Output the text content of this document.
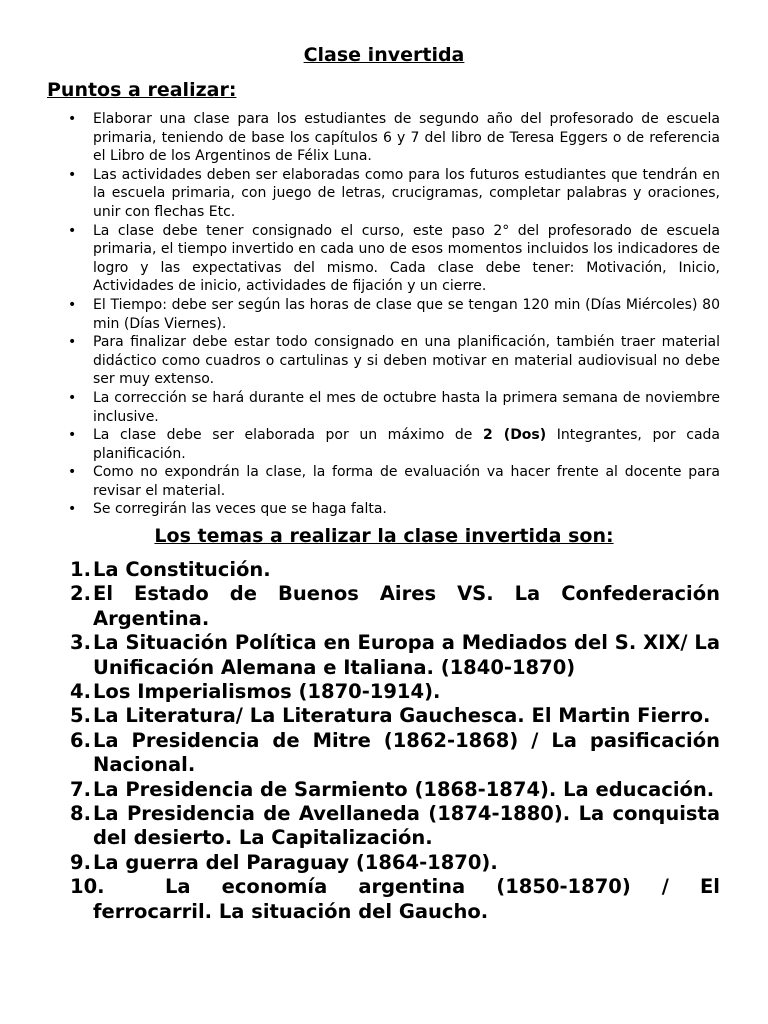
Clase invertida
Puntos a realizar:
• Elaborar una clase para los estudiantes de segundo año del profesorado de escuela primaria, teniendo de base los capítulos 6 y 7 del libro de Teresa Eggers o de referencia el Libro de los Argentinos de Félix Luna.
• Las actividades deben ser elaboradas como para los futuros estudiantes que tendrán en la escuela primaria, con juego de letras, crucigramas, completar palabras y oraciones, unir con flechas Etc.
• La clase debe tener consignado el curso, este paso 2° del profesorado de escuela primaria, el tiempo invertido en cada uno de esos momentos incluidos los indicadores de logro y las expectativas del mismo. Cada clase debe tener: Motivación, Inicio, Actividades de inicio, actividades de fijación y un cierre.
• El Tiempo: debe ser según las horas de clase que se tengan 120 min (Días Miércoles) 80 min (Días Viernes).
• Para finalizar debe estar todo consignado en una planificación, también traer material didáctico como cuadros o cartulinas y si deben motivar en material audiovisual no debe ser muy extenso.
• La corrección se hará durante el mes de octubre hasta la primera semana de noviembre inclusive.
• La clase debe ser elaborada por un máximo de 2 (Dos) Integrantes, por cada planificación.
• Como no expondrán la clase, la forma de evaluación va hacer frente al docente para revisar el material.
• Se corregirán las veces que se haga falta.
Los temas a realizar la clase invertida son:
1. La Constitución.
2. El Estado de Buenos Aires VS. La Confederación Argentina.
3. La Situación Política en Europa a Mediados del S. XIX/ La Unificación Alemana e Italiana. (1840-1870)
4. Los Imperialismos (1870-1914).
5. La Literatura/ La Literatura Gauchesca. El Martin Fierro.
6. La Presidencia de Mitre (1862-1868) / La pasificación Nacional.
7. La Presidencia de Sarmiento (1868-1874). La educación.
8. La Presidencia de Avellaneda (1874-1880). La conquista del desierto. La Capitalización.
9. La guerra del Paraguay (1864-1870).
10.	La economía argentina (1850-1870) / El ferrocarril. La situación del Gaucho.
